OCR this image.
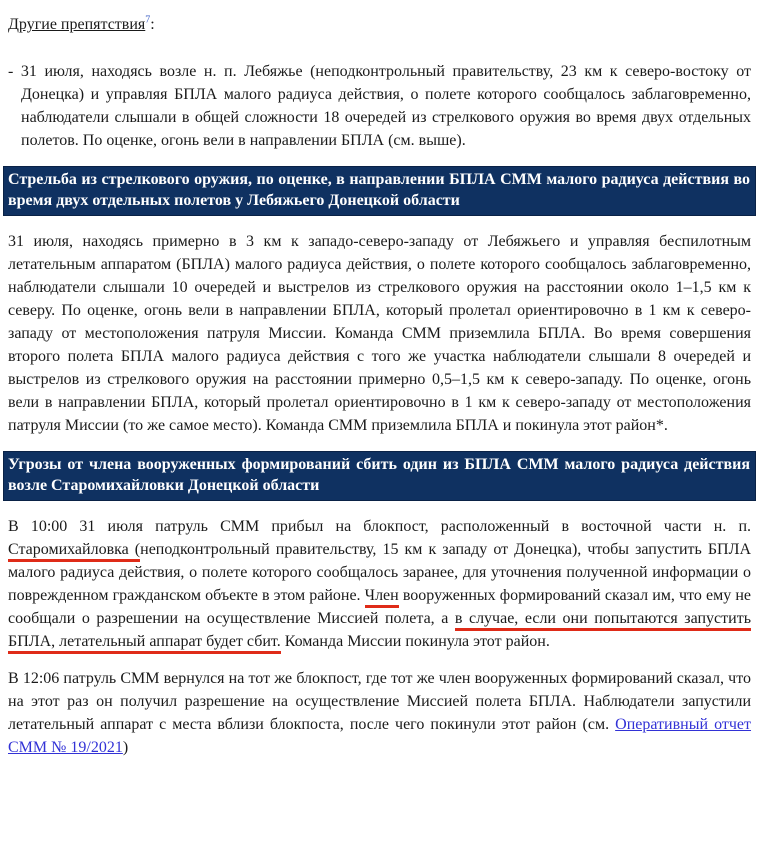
Другие препятствия$^7$:

- 31 июля, находясь возле н. п. Лебяжье (неподконтрольный правительству, 23 км к северо-востоку от Донецка) и управляя БПЛА малого радиуса действия, о полете которого сообщалось заблаговременно, наблюдатели слышали в общей сложности 18 очередей из стрелкового оружия во время двух отдельных полетов. По оценке, огонь вели в направлении БПЛА (см. выше).

Стрельба из стрелкового оружия, по оценке, в направлении БПЛА СММ малого радиуса действия во время двух отдельных полетов у Лебяжьего Донецкой области

31 июля, находясь примерно в 3 км к западо-северо-западу от Лебяжьего и управляя беспилотным летательным аппаратом (БПЛА) малого радиуса действия, о полете которого сообщалось заблаговременно, наблюдатели слышали 10 очередей и выстрелов из стрелкового оружия на расстоянии около 1–1,5 км к северу. По оценке, огонь вели в направлении БПЛА, который пролетал ориентировочно в 1 км к северо-западу от местоположения патруля Миссии. Команда СММ приземлила БПЛА. Во время совершения второго полета БПЛА малого радиуса действия с того же участка наблюдатели слышали 8 очередей и выстрелов из стрелкового оружия на расстоянии примерно 0,5–1,5 км к северо-западу. По оценке, огонь вели в направлении БПЛА, который пролетал ориентировочно в 1 км к северо-западу от местоположения патруля Миссии (то же самое место). Команда СММ приземлила БПЛА и покинула этот район*.

Угрозы от члена вооруженных формирований сбить один из БПЛА СММ малого радиуса действия возле Старомихайловки Донецкой области

В 10:00 31 июля патруль СММ прибыл на блокпост, расположенный в восточной части н. п. Старомихайловка (неподконтрольный правительству, 15 км к западу от Донецка), чтобы запустить БПЛА малого радиуса действия, о полете которого сообщалось заранее, для уточнения полученной информации о поврежденном гражданском объекте в этом районе. Член вооруженных формирований сказал им, что ему не сообщали о разрешении на осуществление Миссией полета, а в случае, если они попытаются запустить БПЛА, летательный аппарат будет сбит. Команда Миссии покинула этот район.

В 12:06 патруль СММ вернулся на тот же блокпост, где тот же член вооруженных формирований сказал, что на этот раз он получил разрешение на осуществление Миссией полета БПЛА. Наблюдатели запустили летательный аппарат с места вблизи блокпоста, после чего покинули этот район (см. Оперативный отчет СММ № 19/2021)
